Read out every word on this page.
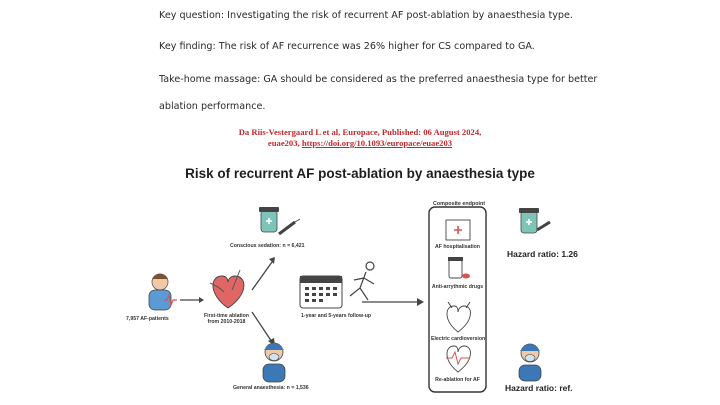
Key question: Investigating the risk of recurrent AF post-ablation by anaesthesia type.

Key finding: The risk of AF recurrence was 26% higher for CS compared to GA.

Take-home massage: GA should be considered as the preferred anaesthesia type for better

ablation performance.

Da Riis-Vestergaard L et al, Europace, Published: 06 August 2024,
euae203, https://doi.org/10.1093/europace/euae203
Risk of recurrent AF post-ablation by anaesthesia type
7,957 AF-patients	First-time ablation
from 2010-2018
Conscious sedation: n = 6,421
General anaesthesia: n = 1,536
1-year and 5-years follow-up
Composite endpoint
AF hospitalisation
Anti-arrythmic drugs
Electric cardioversion
Re-ablation for AF
Hazard ratio: 1.26
Hazard ratio: ref.
